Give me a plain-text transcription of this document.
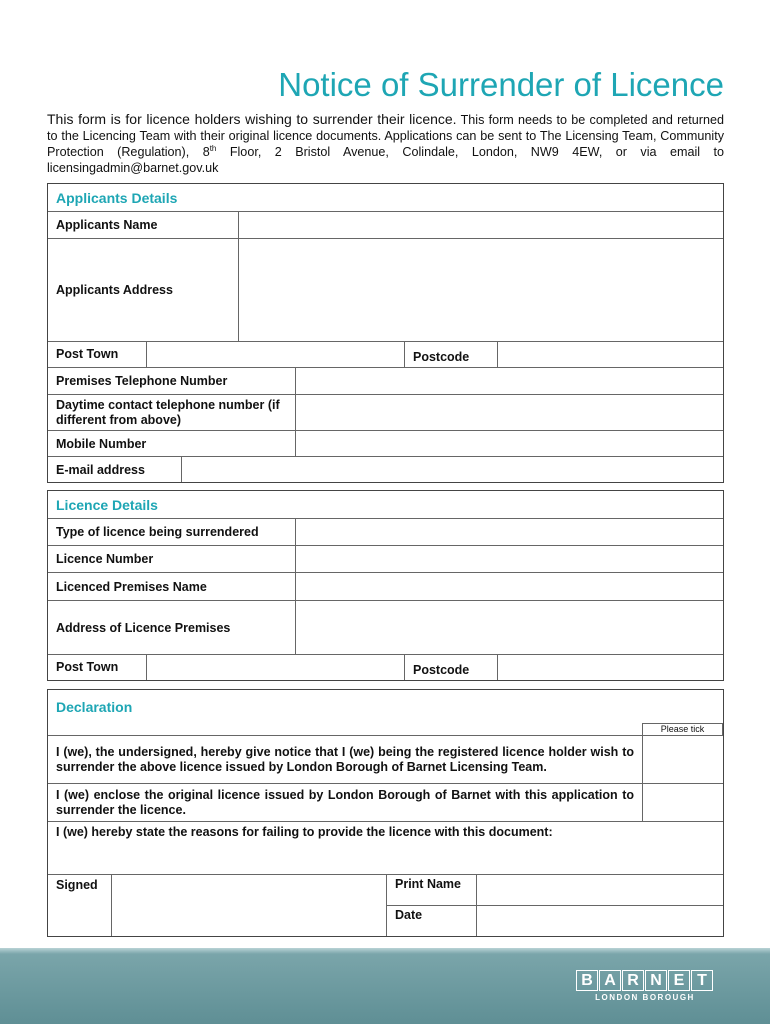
Notice of Surrender of Licence

This form is for licence holders wishing to surrender their licence. This form needs to be completed and returned to the Licencing Team with their original licence documents. Applications can be sent to The Licensing Team, Community Protection (Regulation), 8th Floor, 2 Bristol Avenue, Colindale, London, NW9 4EW, or via email to licensingadmin@barnet.gov.uk

Applicants Details
Applicants Name
Applicants Address
Post Town	Postcode
Premises Telephone Number
Daytime contact telephone number (if different from above)
Mobile Number
E-mail address
Licence Details
Type of licence being surrendered
Licence Number
Licenced Premises Name
Address of Licence Premises
Post Town	Postcode
Declaration
Please tick
I (we), the undersigned, hereby give notice that I (we) being the registered licence holder wish to surrender the above licence issued by London Borough of Barnet Licensing Team.
I (we) enclose the original licence issued by London Borough of Barnet with this application to surrender the licence.
I (we) hereby state the reasons for failing to provide the licence with this document:
Signed	Print Name
Date
B A R N E T
LONDON BOROUGH
